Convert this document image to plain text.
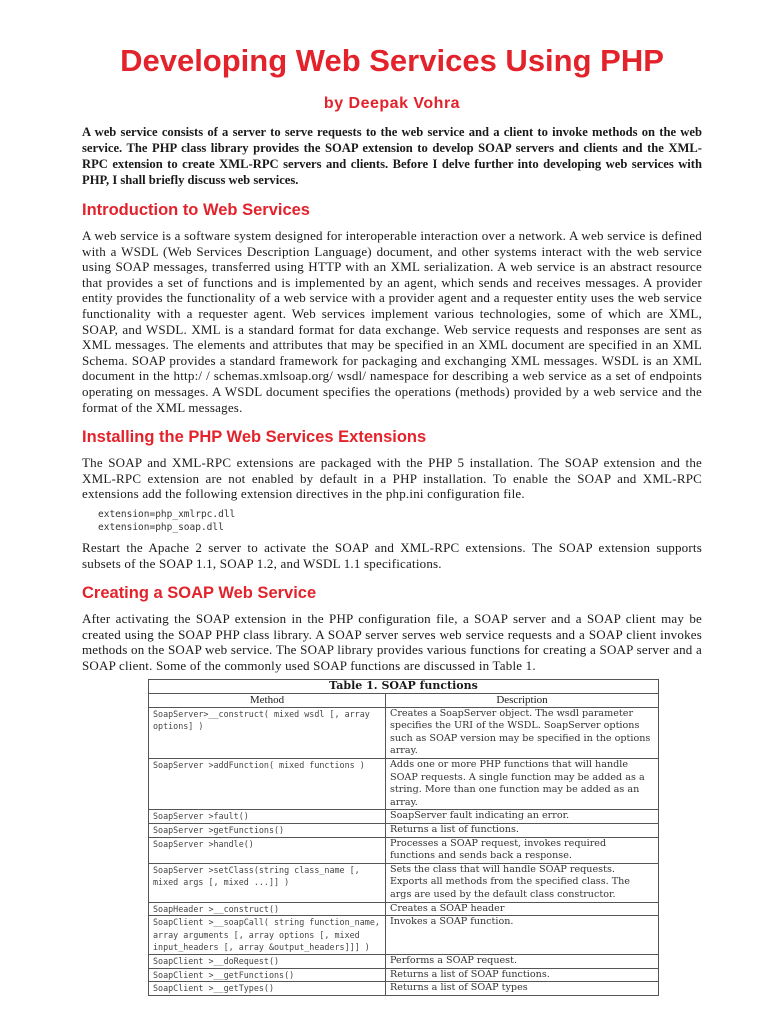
Developing Web Services Using PHP
by Deepak Vohra

A web service consists of a server to serve requests to the web service and a client to invoke methods on the web service. The PHP class library provides the SOAP extension to develop SOAP servers and clients and the XML-RPC extension to create XML-RPC servers and clients. Before I delve further into developing web services with PHP, I shall briefly discuss web services.

Introduction to Web Services

A web service is a software system designed for interoperable interaction over a network. A web service is defined with a WSDL (Web Services Description Language) document, and other systems interact with the web service using SOAP messages, transferred using HTTP with an XML serialization. A web service is an abstract resource that provides a set of functions and is implemented by an agent, which sends and receives messages. A provider entity provides the functionality of a web service with a provider agent and a requester entity uses the web service functionality with a requester agent. Web services implement various technologies, some of which are XML, SOAP, and WSDL. XML is a standard format for data exchange. Web service requests and responses are sent as XML messages. The elements and attributes that may be specified in an XML document are specified in an XML Schema. SOAP provides a standard framework for packaging and exchanging XML messages. WSDL is an XML document in the http:/ / schemas.xmlsoap.org/ wsdl/ namespace for describing a web service as a set of endpoints operating on messages. A WSDL document specifies the operations (methods) provided by a web service and the format of the XML messages.

Installing the PHP Web Services Extensions

The SOAP and XML-RPC extensions are packaged with the PHP 5 installation. The SOAP extension and the XML-RPC extension are not enabled by default in a PHP installation. To enable the SOAP and XML-RPC extensions add the following extension directives in the php.ini configuration file.

extension=php_xmlrpc.dll
extension=php_soap.dll

Restart the Apache 2 server to activate the SOAP and XML-RPC extensions. The SOAP extension supports subsets of the SOAP 1.1, SOAP 1.2, and WSDL 1.1 specifications.

Creating a SOAP Web Service

After activating the SOAP extension in the PHP configuration file, a SOAP server and a SOAP client may be created using the SOAP PHP class library. A SOAP server serves web service requests and a SOAP client invokes methods on the SOAP web service. The SOAP library provides various functions for creating a SOAP server and a SOAP client. Some of the commonly used SOAP functions are discussed in Table 1.

Table 1. SOAP functions	
Method	Description
SoapServer>__construct( mixed wsdl [, array options] )	Creates a SoapServer object. The wsdl parameter specifies the URI of the WSDL. SoapServer options such as SOAP version may be specified in the options array.
SoapServer >addFunction( mixed functions )	Adds one or more PHP functions that will handle SOAP requests. A single function may be added as a string. More than one function may be added as an array.
SoapServer >fault()	SoapServer fault indicating an error.
SoapServer >getFunctions()	Returns a list of functions.
SoapServer >handle()	Processes a SOAP request, invokes required functions and sends back a response.
SoapServer >setClass(string class_name [, mixed args [, mixed ...]] )	Sets the class that will handle SOAP requests. Exports all methods from the specified class. The args are used by the default class constructor.
SoapHeader >__construct()	Creates a SOAP header
SoapClient >__soapCall( string function_name, array arguments [, array options [, mixed input_headers [, array &output_headers]]] )	Invokes a SOAP function.
SoapClient >__doRequest()	Performs a SOAP request.
SoapClient >__getFunctions()	Returns a list of SOAP functions.
SoapClient >__getTypes()	Returns a list of SOAP types
